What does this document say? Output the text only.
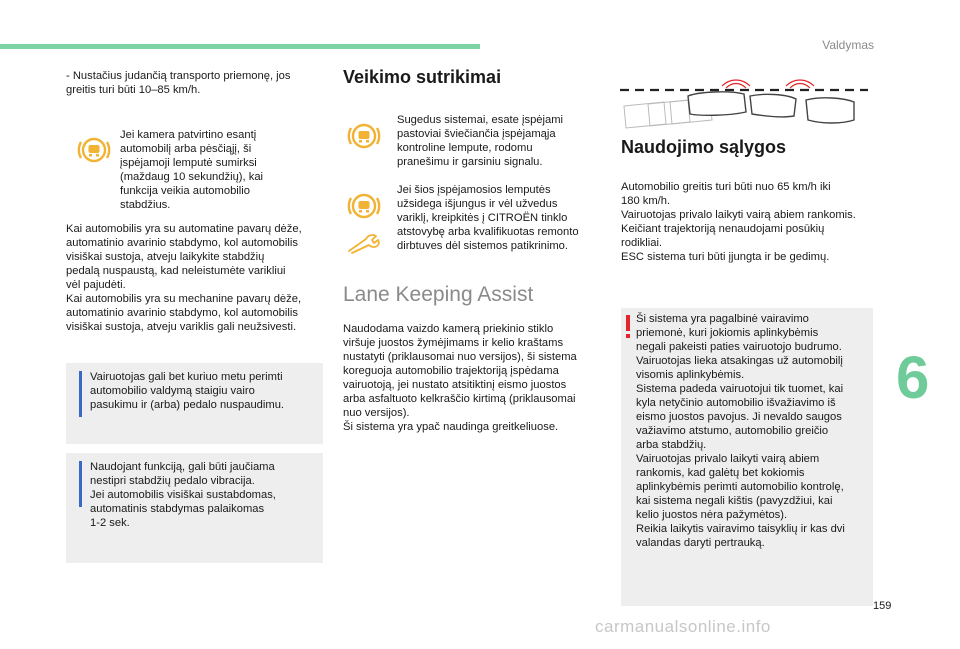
Valdymas
6
159
carmanualsonline.info
- Nustačius judančią transporto priemonę, jos
greitis turi būti 10–85 km/h.
Jei kamera patvirtino esantį
automobilį arba pėsčiąjį, ši
įspėjamoji lemputė sumirksi
(maždaug 10 sekundžių), kai
funkcija veikia automobilio
stabdžius.
Kai automobilis yra su automatine pavarų dėže,
automatinio avarinio stabdymo, kol automobilis
visiškai sustoja, atveju laikykite stabdžių
pedalą nuspaustą, kad neleistumėte varikliui
vėl pajudėti.
Kai automobilis yra su mechanine pavarų dėže,
automatinio avarinio stabdymo, kol automobilis
visiškai sustoja, atveju variklis gali neužsivesti.
Vairuotojas gali bet kuriuo metu perimti
automobilio valdymą staigiu vairo
pasukimu ir (arba) pedalo nuspaudimu.
Naudojant funkciją, gali būti jaučiama
nestipri stabdžių pedalo vibracija.
Jei automobilis visiškai sustabdomas,
automatinis stabdymas palaikomas
1-2 sek.
Veikimo sutrikimai
Sugedus sistemai, esate įspėjami
pastoviai šviečiančia įspėjamąja
kontroline lempute, rodomu
pranešimu ir garsiniu signalu.
Jei šios įspėjamosios lemputės
užsidega išjungus ir vėl užvedus
variklį, kreipkitės į CITROËN tinklo
atstovybę arba kvalifikuotas remonto
dirbtuves dėl sistemos patikrinimo.
Lane Keeping Assist
Naudodama vaizdo kamerą priekinio stiklo
viršuje juostos žymėjimams ir kelio kraštams
nustatyti (priklausomai nuo versijos), ši sistema
koreguoja automobilio trajektoriją įspėdama
vairuotoją, jei nustato atsitiktinį eismo juostos
arba asfaltuoto kelkraščio kirtimą (priklausomai
nuo versijos).
Ši sistema yra ypač naudinga greitkeliuose.
Naudojimo sąlygos
Automobilio greitis turi būti nuo 65 km/h iki
180 km/h.
Vairuotojas privalo laikyti vairą abiem rankomis.
Keičiant trajektoriją nenaudojami posūkių
rodikliai.
ESC sistema turi būti įjungta ir be gedimų.
Ši sistema yra pagalbinė vairavimo
priemonė, kuri jokiomis aplinkybėmis
negali pakeisti paties vairuotojo budrumo.
Vairuotojas lieka atsakingas už automobilį
visomis aplinkybėmis.
Sistema padeda vairuotojui tik tuomet, kai
kyla netyčinio automobilio išvažiavimo iš
eismo juostos pavojus. Ji nevaldo saugos
važiavimo atstumo, automobilio greičio
arba stabdžių.
Vairuotojas privalo laikyti vairą abiem
rankomis, kad galėtų bet kokiomis
aplinkybėmis perimti automobilio kontrolę,
kai sistema negali kištis (pavyzdžiui, kai
kelio juostos nėra pažymėtos).
Reikia laikytis vairavimo taisyklių ir kas dvi
valandas daryti pertrauką.
